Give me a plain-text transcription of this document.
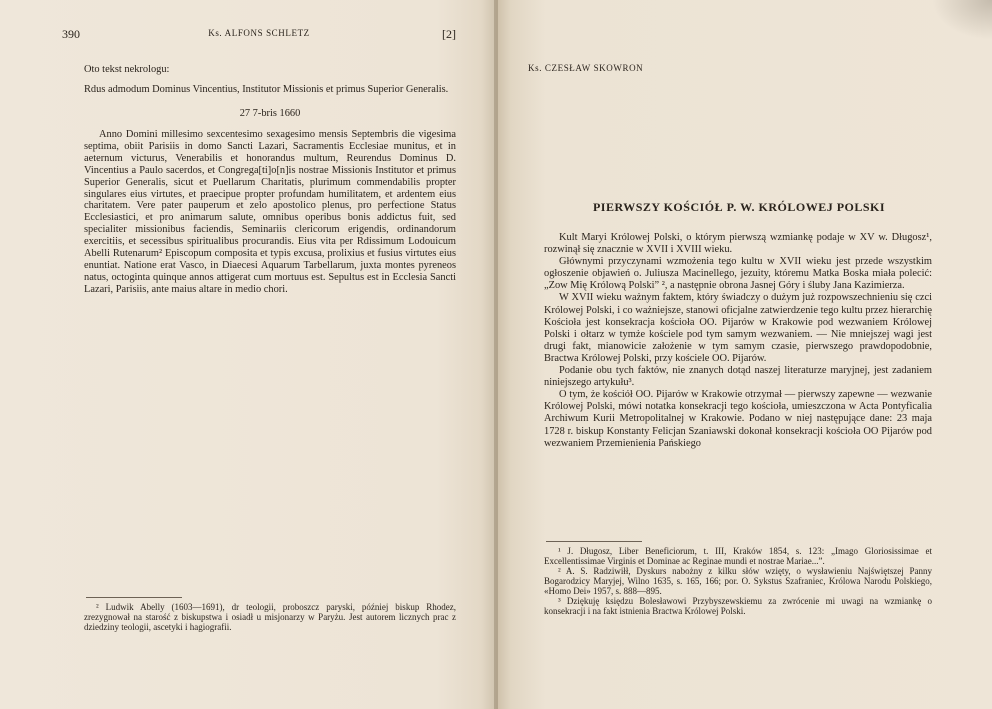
390	Ks. ALFONS SCHLETZ	[2]
Oto tekst nekrologu:
Rdus admodum Dominus Vincentius, Institutor Missionis et primus Superior Generalis.
27 7-bris 1660
Anno Domini millesimo sexcentesimo sexagesimo mensis Septembris die vigesima septima, obiit Parisiis in domo Sancti Lazari, Sacramentis Ecclesiae munitus, et in aeternum victurus, Venerabilis et honorandus multum, Reurendus Dominus D. Vincentius a Paulo sacerdos, et Congrega[ti]o[n]is nostrae Missionis Institutor et primus Superior Generalis, sicut et Puellarum Charitatis, plurimum commendabilis propter singulares eius virtutes, et praecipue propter profundam humilitatem, et ardentem eius charitatem. Vere pater pauperum et zelo apostolico plenus, pro perfectione Status Ecclesiastici, et pro animarum salute, omnibus operibus bonis addictus fuit, sed specialiter missionibus faciendis, Seminariis clericorum erigendis, ordinandorum exercitiis, et secessibus spiritualibus procurandis. Eius vita per Rdissimum Lodouicum Abelli Rutenarum² Episcopum composita et typis excusa, prolixius et fusius virtutes eius enuntiat. Natione erat Vasco, in Diaecesi Aquarum Tarbellarum, juxta montes pyreneos natus, octoginta quinque annos attigerat cum mortuus est. Sepultus est in Ecclesia Sancti Lazari, Parisiis, ante maius altare in medio chori.
² Ludwik Abelly (1603—1691), dr teologii, proboszcz paryski, później biskup Rhodez, zrezygnował na starość z biskupstwa i osiadł u misjonarzy w Paryżu. Jest autorem licznych prac z dziedziny teologii, ascetyki i hagiografii.
Ks. CZESŁAW SKOWRON
PIERWSZY KOŚCIÓŁ P. W. KRÓLOWEJ POLSKI

Kult Maryi Królowej Polski, o którym pierwszą wzmiankę podaje w XV w. Długosz¹, rozwinął się znacznie w XVII i XVIII wieku.

Głównymi przyczynami wzmożenia tego kultu w XVII wieku jest przede wszystkim ogłoszenie objawień o. Juliusza Macinellego, jezuity, któremu Matka Boska miała polecić: „Zow Mię Królową Polski” ², a następnie obrona Jasnej Góry i śluby Jana Kazimierza.

W XVII wieku ważnym faktem, który świadczy o dużym już rozpowszechnieniu się czci Królowej Polski, i co ważniejsze, stanowi oficjalne zatwierdzenie tego kultu przez hierarchię Kościoła jest konsekracja kościoła OO. Pijarów w Krakowie pod wezwaniem Królowej Polski i ołtarz w tymże kościele pod tym samym wezwaniem. — Nie mniejszej wagi jest drugi fakt, mianowicie założenie w tym samym czasie, pierwszego prawdopodobnie, Bractwa Królowej Polski, przy kościele OO. Pijarów.

Podanie obu tych faktów, nie znanych dotąd naszej literaturze maryjnej, jest zadaniem niniejszego artykułu³.

O tym, że kościół OO. Pijarów w Krakowie otrzymał — pierwszy zapewne — wezwanie Królowej Polski, mówi notatka konsekracji tego kościoła, umieszczona w Acta Pontyficalia Archiwum Kurii Metropolitalnej w Krakowie. Podano w niej następujące dane: 23 maja 1728 r. biskup Konstanty Felicjan Szaniawski dokonał konsekracji kościoła OO Pijarów pod wezwaniem Przemienienia Pańskiego

¹ J. Długosz, Liber Beneficiorum, t. III, Kraków 1854, s. 123: „Imago Gloriosissimae et Excellentissimae Virginis et Dominae ac Reginae mundi et nostrae Mariae...”.

² A. S. Radziwiłł, Dyskurs nabożny z kilku słów wzięty, o wysławieniu Najświętszej Panny Bogarodzicy Maryjej, Wilno 1635, s. 165, 166; por. O. Sykstus Szafraniec, Królowa Narodu Polskiego, «Homo Dei» 1957, s. 888—895.

³ Dziękuję księdzu Bolesławowi Przybyszewskiemu za zwrócenie mi uwagi na wzmiankę o konsekracji i na fakt istnienia Bractwa Królowej Polski.
